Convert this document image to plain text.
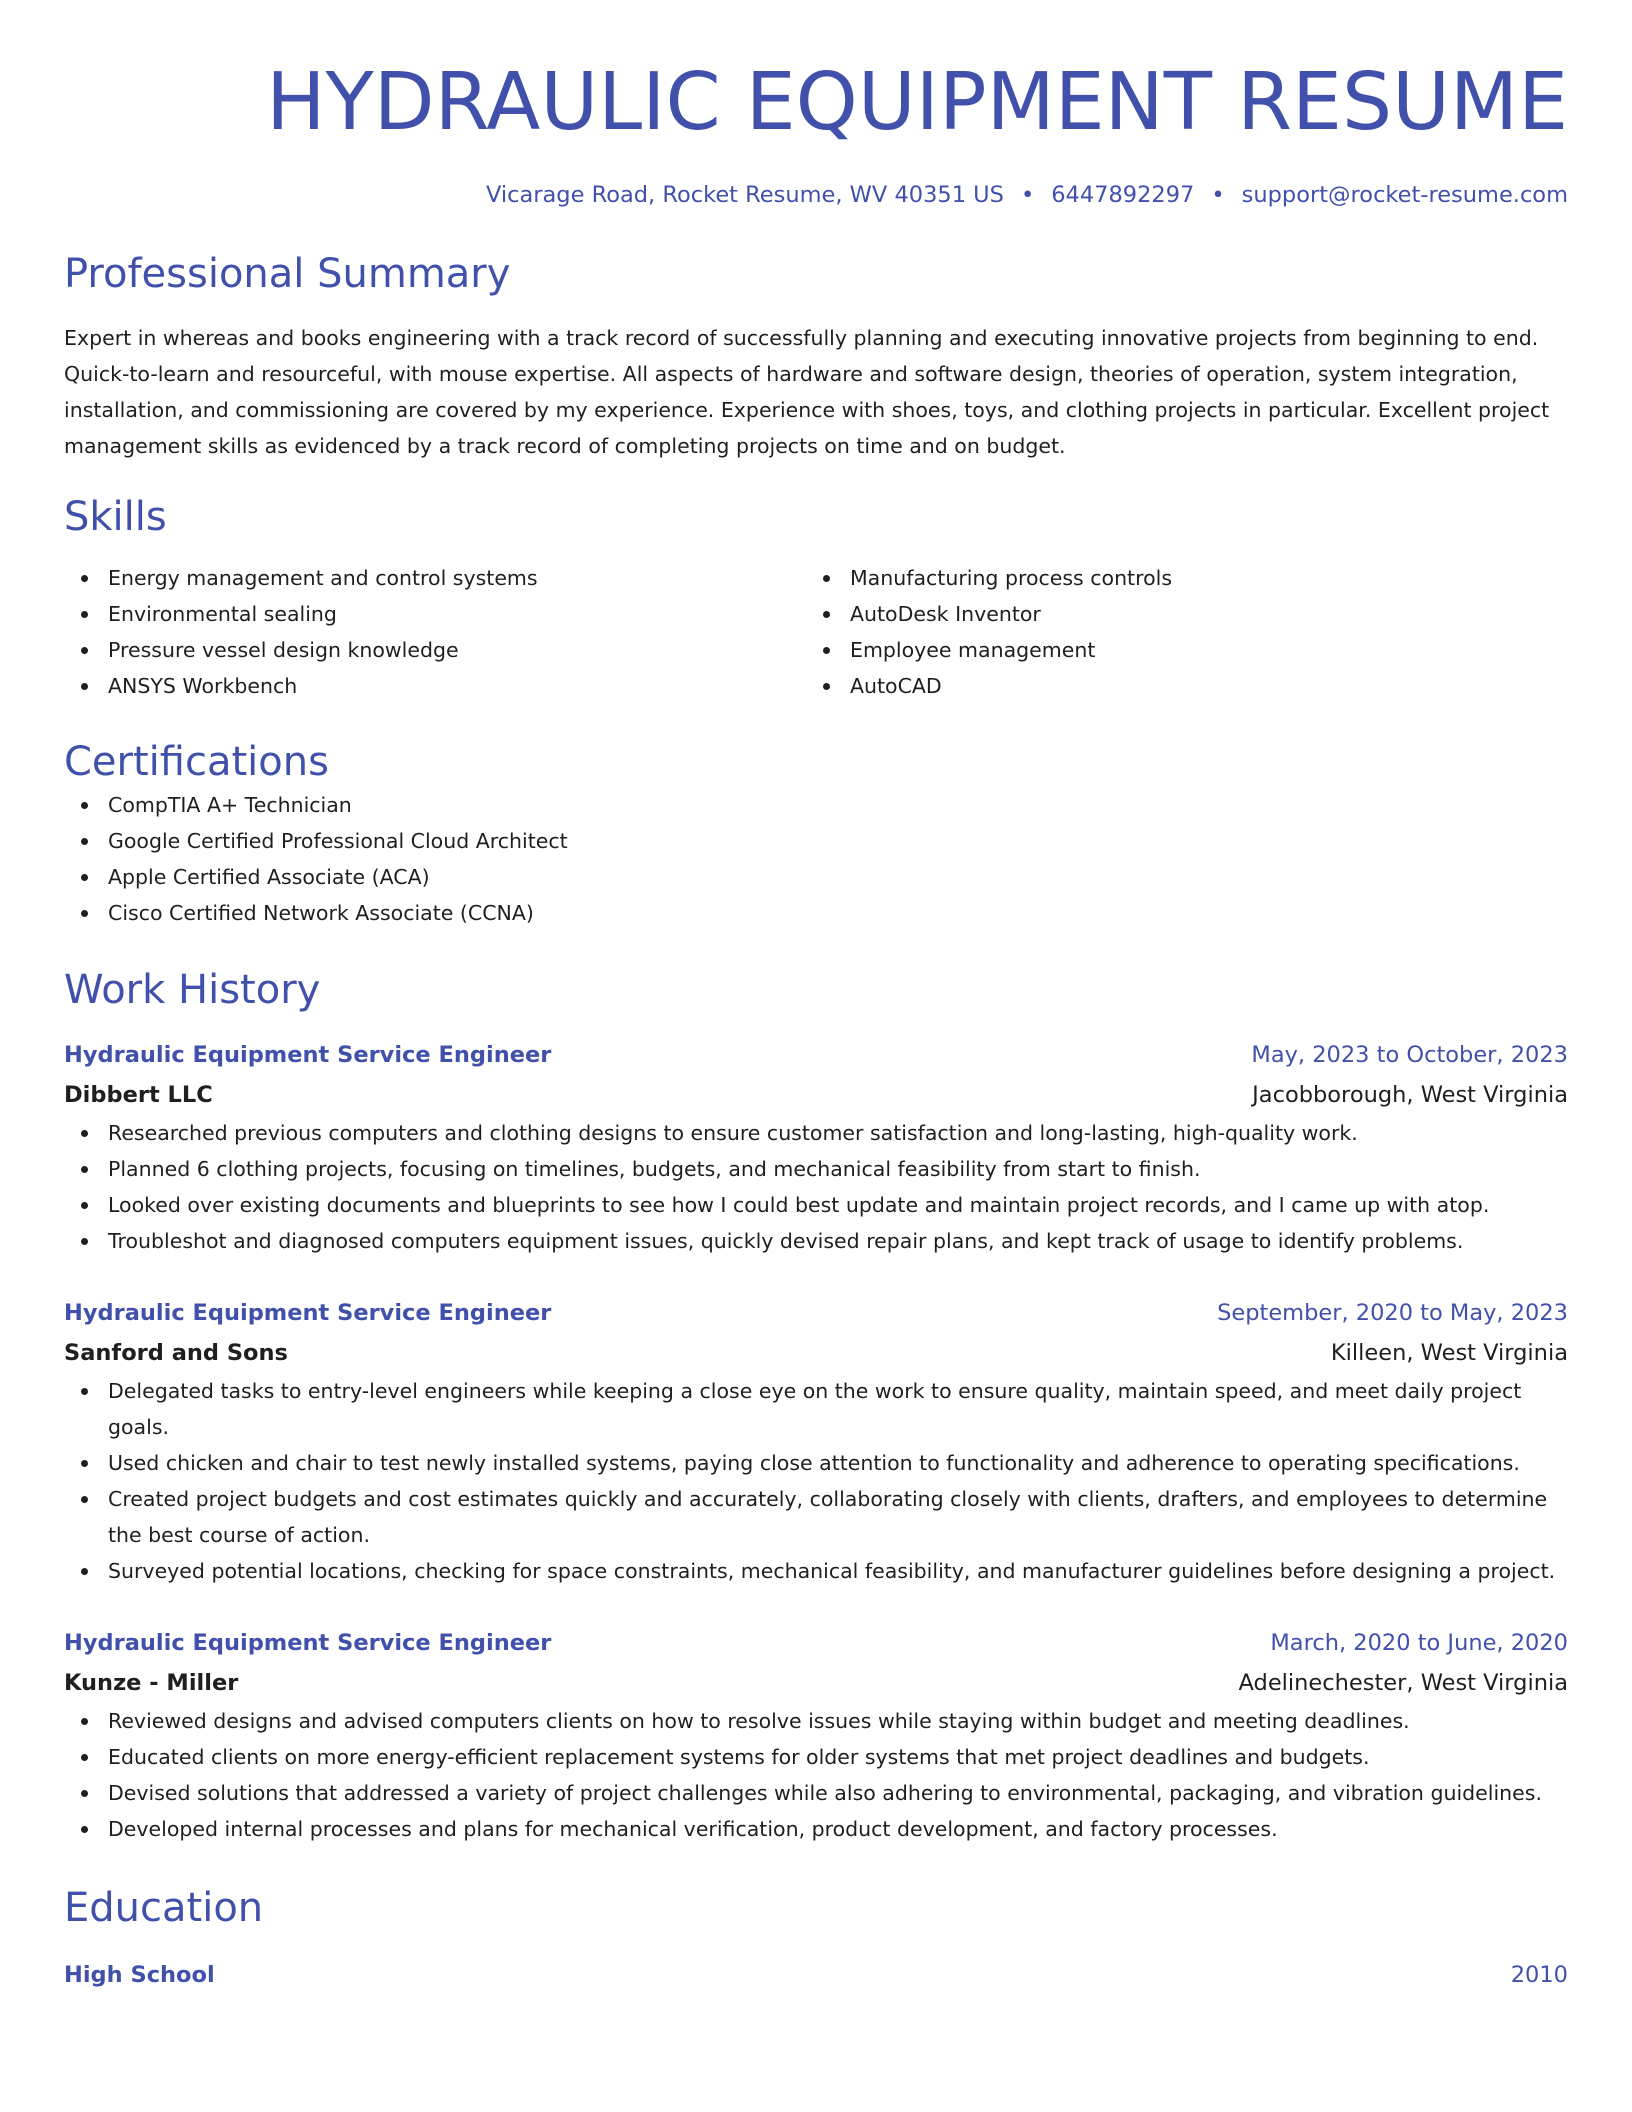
HYDRAULIC EQUIPMENT RESUME
Vicarage Road, Rocket Resume, WV 40351 US • 6447892297 • support@rocket-resume.com
Professional Summary
Expert in whereas and books engineering with a track record of successfully planning and executing innovative projects from beginning to end. Quick-to-learn and resourceful, with mouse expertise. All aspects of hardware and software design, theories of operation, system integration, installation, and commissioning are covered by my experience. Experience with shoes, toys, and clothing projects in particular. Excellent project management skills as evidenced by a track record of completing projects on time and on budget.
Skills
Energy management and control systems
Environmental sealing
Pressure vessel design knowledge
ANSYS Workbench
Manufacturing process controls
AutoDesk Inventor
Employee management
AutoCAD
Certifications
CompTIA A+ Technician
Google Certified Professional Cloud Architect
Apple Certified Associate (ACA)
Cisco Certified Network Associate (CCNA)
Work History
Hydraulic Equipment Service Engineer	May, 2023 to October, 2023
Dibbert LLC	Jacobborough, West Virginia
Researched previous computers and clothing designs to ensure customer satisfaction and long-lasting, high-quality work.
Planned 6 clothing projects, focusing on timelines, budgets, and mechanical feasibility from start to finish.
Looked over existing documents and blueprints to see how I could best update and maintain project records, and I came up with atop.
Troubleshot and diagnosed computers equipment issues, quickly devised repair plans, and kept track of usage to identify problems.
Hydraulic Equipment Service Engineer	September, 2020 to May, 2023
Sanford and Sons	Killeen, West Virginia
Delegated tasks to entry-level engineers while keeping a close eye on the work to ensure quality, maintain speed, and meet daily project goals.
Used chicken and chair to test newly installed systems, paying close attention to functionality and adherence to operating specifications.
Created project budgets and cost estimates quickly and accurately, collaborating closely with clients, drafters, and employees to determine the best course of action.
Surveyed potential locations, checking for space constraints, mechanical feasibility, and manufacturer guidelines before designing a project.
Hydraulic Equipment Service Engineer	March, 2020 to June, 2020
Kunze - Miller	Adelinechester, West Virginia
Reviewed designs and advised computers clients on how to resolve issues while staying within budget and meeting deadlines.
Educated clients on more energy-efficient replacement systems for older systems that met project deadlines and budgets.
Devised solutions that addressed a variety of project challenges while also adhering to environmental, packaging, and vibration guidelines.
Developed internal processes and plans for mechanical verification, product development, and factory processes.
Education
High School	2010
